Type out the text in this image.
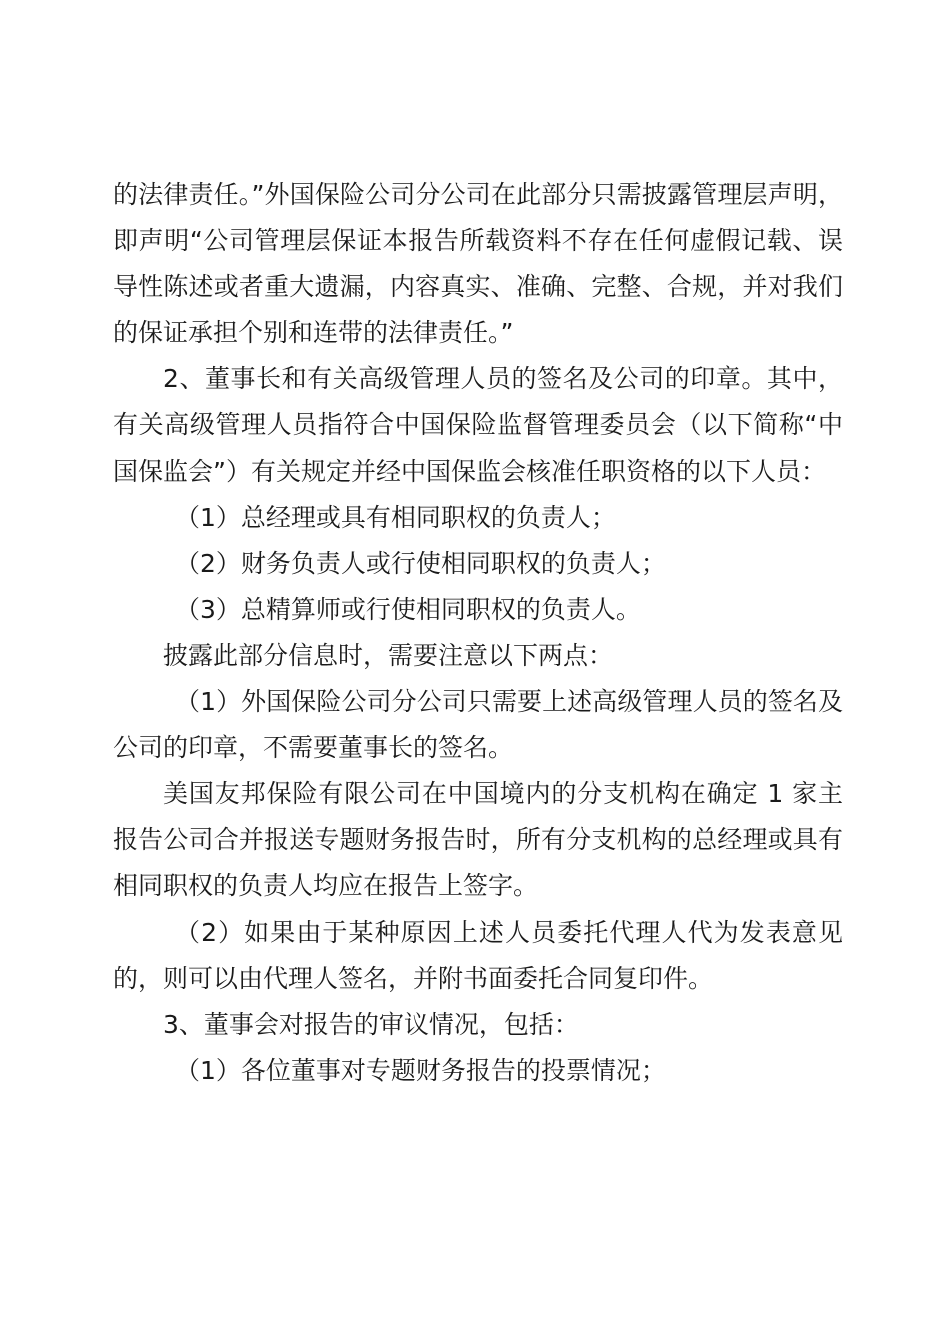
的法律责任。”外国保险公司分公司在此部分只需披露管理层声明，即声明“公司管理层保证本报告所载资料不存在任何虚假记载、误导性陈述或者重大遗漏，内容真实、准确、完整、合规，并对我们的保证承担个别和连带的法律责任。”

2、董事长和有关高级管理人员的签名及公司的印章。其中，有关高级管理人员指符合中国保险监督管理委员会（以下简称“中国保监会”）有关规定并经中国保监会核准任职资格的以下人员：

（1）总经理或具有相同职权的负责人；

（2）财务负责人或行使相同职权的负责人；

（3）总精算师或行使相同职权的负责人。

披露此部分信息时，需要注意以下两点：

（1）外国保险公司分公司只需要上述高级管理人员的签名及公司的印章，不需要董事长的签名。

美国友邦保险有限公司在中国境内的分支机构在确定 1 家主报告公司合并报送专题财务报告时，所有分支机构的总经理或具有相同职权的负责人均应在报告上签字。

（2）如果由于某种原因上述人员委托代理人代为发表意见的，则可以由代理人签名，并附书面委托合同复印件。

3、董事会对报告的审议情况，包括：

（1）各位董事对专题财务报告的投票情况；
